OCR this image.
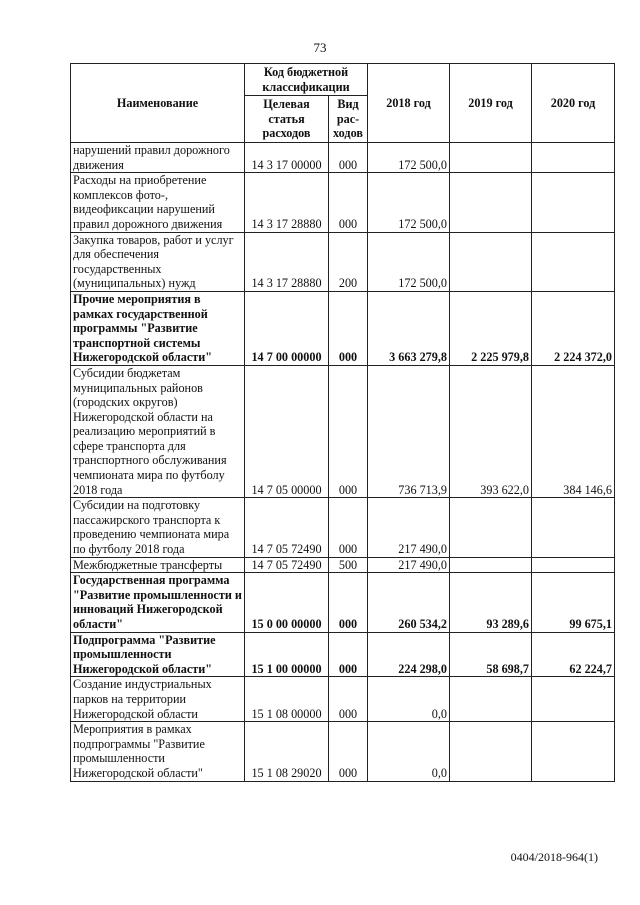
73
Наименование	Код бюджетной классификации		2018 год	2019 год	2020 год
	Целевая статья расходов	Вид рас-ходов			
нарушений правил дорожного движения	14 3 17 00000	000	172 500,0		
Расходы на приобретение комплексов фото-, видеофиксации нарушений правил дорожного движения	14 3 17 28880	000	172 500,0		
Закупка товаров, работ и услуг для обеспечения государственных (муниципальных) нужд	14 3 17 28880	200	172 500,0		
Прочие мероприятия в рамках государственной программы "Развитие транспортной системы Нижегородской области"	14 7 00 00000	000	3 663 279,8	2 225 979,8	2 224 372,0
Субсидии бюджетам муниципальных районов (городских округов) Нижегородской области на реализацию мероприятий в сфере транспорта для транспортного обслуживания чемпионата мира по футболу 2018 года	14 7 05 00000	000	736 713,9	393 622,0	384 146,6
Субсидии на подготовку пассажирского транспорта к проведению чемпионата мира по футболу 2018 года	14 7 05 72490	000	217 490,0		
Межбюджетные трансферты	14 7 05 72490	500	217 490,0		
Государственная программа "Развитие промышленности и инноваций Нижегородской области"	15 0 00 00000	000	260 534,2	93 289,6	99 675,1
Подпрограмма "Развитие промышленности Нижегородской области"	15 1 00 00000	000	224 298,0	58 698,7	62 224,7
Создание индустриальных парков на территории Нижегородской области	15 1 08 00000	000	0,0		
Мероприятия в рамках подпрограммы "Развитие промышленности Нижегородской области"	15 1 08 29020	000	0,0		
0404/2018-964(1)
